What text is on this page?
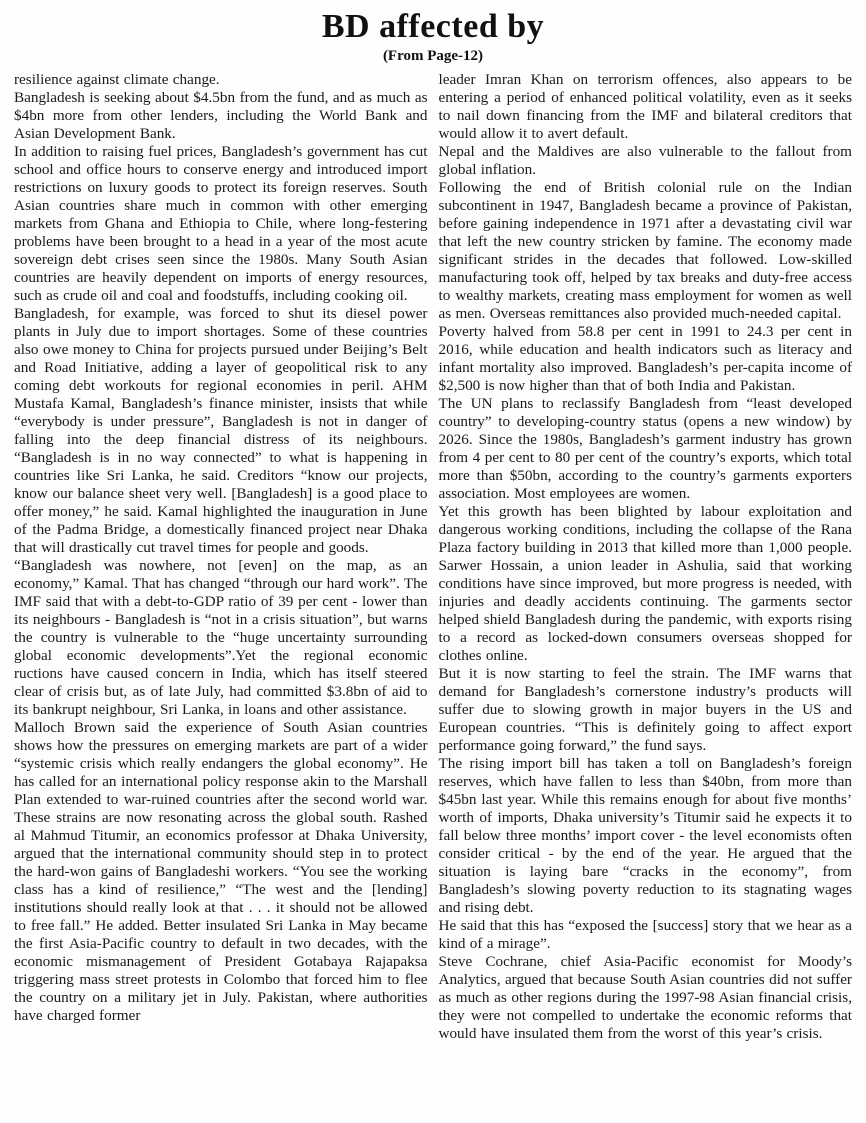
BD affected by
(From Page-12)

resilience against climate change.

Bangladesh is seeking about $4.5bn from the fund, and as much as $4bn more from other lenders, including the World Bank and Asian Development Bank.

In addition to raising fuel prices, Bangladesh’s government has cut school and office hours to conserve energy and introduced import restrictions on luxury goods to protect its foreign reserves. South Asian countries share much in common with other emerging markets from Ghana and Ethiopia to Chile, where long-festering problems have been brought to a head in a year of the most acute sovereign debt crises seen since the 1980s. Many South Asian countries are heavily dependent on imports of energy resources, such as crude oil and coal and foodstuffs, including cooking oil.

Bangladesh, for example, was forced to shut its diesel power plants in July due to import shortages. Some of these countries also owe money to China for projects pursued under Beijing’s Belt and Road Initiative, adding a layer of geopolitical risk to any coming debt workouts for regional economies in peril. AHM Mustafa Kamal, Bangladesh’s finance minister, insists that while “everybody is under pressure”, Bangladesh is not in danger of falling into the deep financial distress of its neighbours. “Bangladesh is in no way connected” to what is happening in countries like Sri Lanka, he said. Creditors “know our projects, know our balance sheet very well. [Bangladesh] is a good place to offer money,” he said. Kamal highlighted the inauguration in June of the Padma Bridge, a domestically financed project near Dhaka that will drastically cut travel times for people and goods.

“Bangladesh was nowhere, not [even] on the map, as an economy,” Kamal. That has changed “through our hard work”. The IMF said that with a debt-to-GDP ratio of 39 per cent - lower than its neighbours - Bangladesh is “not in a crisis situation”, but warns the country is vulnerable to the “huge uncertainty surrounding global economic developments”.Yet the regional economic ructions have caused concern in India, which has itself steered clear of crisis but, as of late July, had committed $3.8bn of aid to its bankrupt neighbour, Sri Lanka, in loans and other assistance.

Malloch Brown said the experience of South Asian countries shows how the pressures on emerging markets are part of a wider “systemic crisis which really endangers the global economy”. He has called for an international policy response akin to the Marshall Plan extended to war-ruined countries after the second world war. These strains are now resonating across the global south. Rashed al Mahmud Titumir, an economics professor at Dhaka University, argued that the international community should step in to protect the hard-won gains of Bangladeshi workers. “You see the working class has a kind of resilience,” “The west and the [lending] institutions should really look at that . . . it should not be allowed to free fall.” He added. Better insulated Sri Lanka in May became the first Asia-Pacific country to default in two decades, with the economic mismanagement of President Gotabaya Rajapaksa triggering mass street protests in Colombo that forced him to flee the country on a military jet in July. Pakistan, where authorities have charged former

leader Imran Khan on terrorism offences, also appears to be entering a period of enhanced political volatility, even as it seeks to nail down financing from the IMF and bilateral creditors that would allow it to avert default.

Nepal and the Maldives are also vulnerable to the fallout from global inflation.

Following the end of British colonial rule on the Indian subcontinent in 1947, Bangladesh became a province of Pakistan, before gaining independence in 1971 after a devastating civil war that left the new country stricken by famine. The economy made significant strides in the decades that followed. Low-skilled manufacturing took off, helped by tax breaks and duty-free access to wealthy markets, creating mass employment for women as well as men. Overseas remittances also provided much-needed capital.

Poverty halved from 58.8 per cent in 1991 to 24.3 per cent in 2016, while education and health indicators such as literacy and infant mortality also improved. Bangladesh’s per-capita income of $2,500 is now higher than that of both India and Pakistan.

The UN plans to reclassify Bangladesh from “least developed country” to developing-country status (opens a new window) by 2026. Since the 1980s, Bangladesh’s garment industry has grown from 4 per cent to 80 per cent of the country’s exports, which total more than $50bn, according to the country’s garments exporters association. Most employees are women.

Yet this growth has been blighted by labour exploitation and dangerous working conditions, including the collapse of the Rana Plaza factory building in 2013 that killed more than 1,000 people. Sarwer Hossain, a union leader in Ashulia, said that working conditions have since improved, but more progress is needed, with injuries and deadly accidents continuing. The garments sector helped shield Bangladesh during the pandemic, with exports rising to a record as locked-down consumers overseas shopped for clothes online.

But it is now starting to feel the strain. The IMF warns that demand for Bangladesh’s cornerstone industry’s products will suffer due to slowing growth in major buyers in the US and European countries. “This is definitely going to affect export performance going forward,” the fund says.

The rising import bill has taken a toll on Bangladesh’s foreign reserves, which have fallen to less than $40bn, from more than $45bn last year. While this remains enough for about five months’ worth of imports, Dhaka university’s Titumir said he expects it to fall below three months’ import cover - the level economists often consider critical - by the end of the year. He argued that the situation is laying bare “cracks in the economy”, from Bangladesh’s slowing poverty reduction to its stagnating wages and rising debt.

He said that this has “exposed the [success] story that we hear as a kind of a mirage”.

Steve Cochrane, chief Asia-Pacific economist for Moody’s Analytics, argued that because South Asian countries did not suffer as much as other regions during the 1997-98 Asian financial crisis, they were not compelled to undertake the economic reforms that would have insulated them from the worst of this year’s crisis.
